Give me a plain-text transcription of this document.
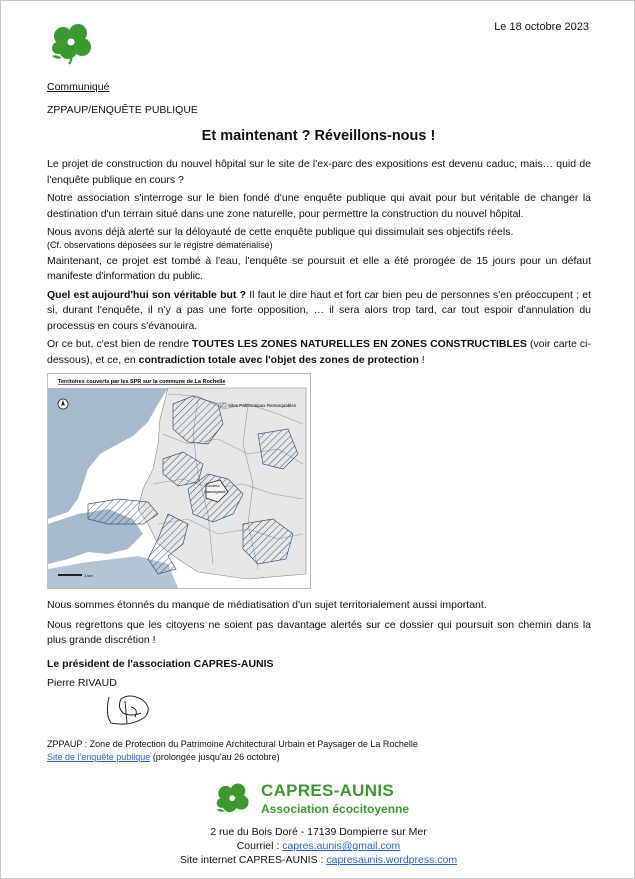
Le 18 octobre 2023
Communiqué
ZPPAUP/ENQUÊTE PUBLIQUE
Et maintenant ? Réveillons-nous !

Le projet de construction du nouvel hôpital sur le site de l'ex-parc des expositions est devenu caduc, mais… quid de l'enquête publique en cours ?

Notre association s'interroge sur le bien fondé d'une enquête publique qui avait pour but véritable de changer la destination d'un terrain situé dans une zone naturelle, pour permettre la construction du nouvel hôpital.

Nous avons déjà alerté sur la déloyauté de cette enquête publique qui dissimulait ses objectifs réels.

(Cf. observations déposées sur le registre dématérialisé)

Maintenant, ce projet est tombé à l'eau, l'enquête se poursuit et elle a été prorogée de 15 jours pour un défaut manifeste d'information du public.

Quel est aujourd'hui son véritable but ? Il faut le dire haut et fort car bien peu de personnes s'en préoccupent ; et si, durant l'enquête, il n'y a pas une forte opposition, … il sera alors trop tard, car tout espoir d'annulation du processus en cours s'évanouira.

Or ce but, c'est bien de rendre TOUTES LES ZONES NATURELLES EN ZONES CONSTRUCTIBLES (voir carte ci-dessous), et ce, en contradiction totale avec l'objet des zones de protection !

Territoires couverts par les SPR sur la commune de La Rochelle
Secteur
Sauvegardé
Sites Patrimoniaux Remarquables
1 km

Nous sommes étonnés du manque de médiatisation d'un sujet territorialement aussi important.

Nous regrettons que les citoyens ne soient pas davantage alertés sur ce dossier qui poursuit son chemin dans la plus grande discrétion !

Le président de l'association CAPRES-AUNIS
Pierre RIVAUD
ZPPAUP : Zone de Protection du Patrimoine Architectural Urbain et Paysager de La Rochelle
Site de l'enquête publique (prolongée jusqu'au 26 octobre)
CAPRES-AUNIS
Association écocitoyenne
2 rue du Bois Doré - 17139 Dompierre sur Mer
Courriel : capres.aunis@gmail.com
Site internet CAPRES-AUNIS : capresaunis.wordpress.com
